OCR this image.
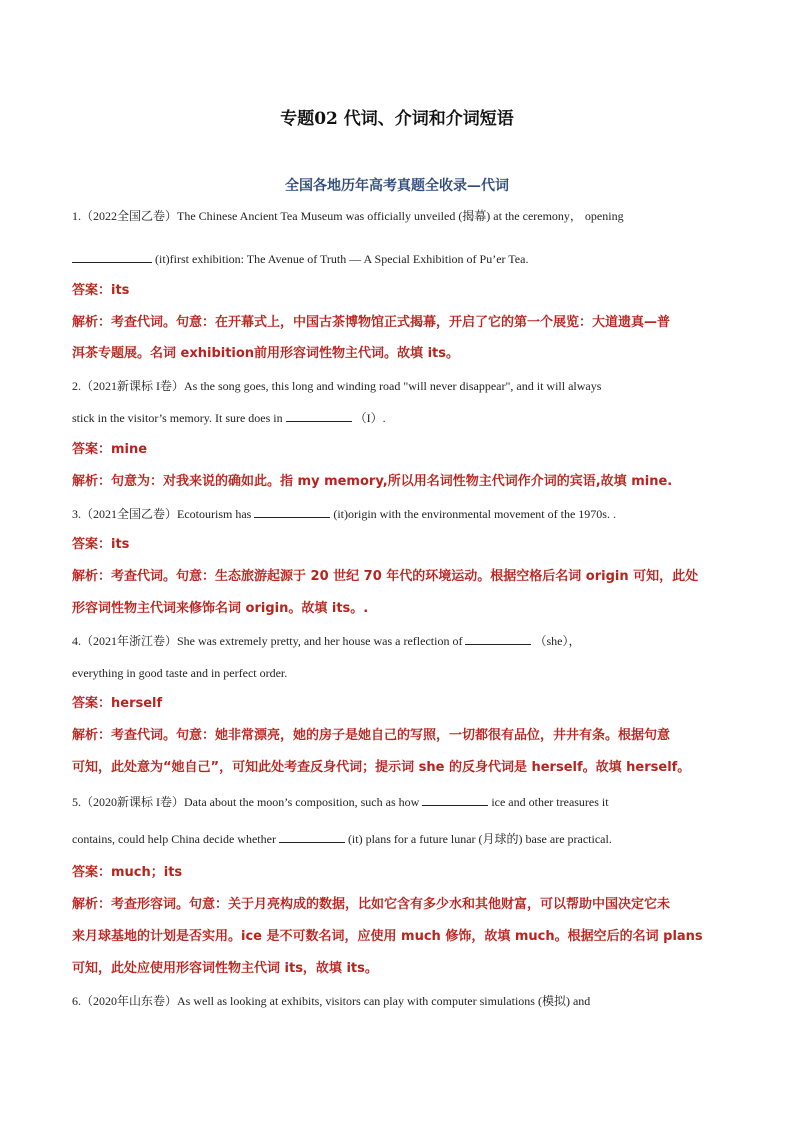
专题02 代词、介词和介词短语
全国各地历年高考真题全收录—代词
1.（2022全国乙卷）The Chinese Ancient Tea Museum was officially unveiled (揭幕) at the ceremony， opening
(it)first exhibition: The Avenue of Truth — A Special Exhibition of Pu’er Tea.
答案：its
解析：考查代词。句意：在开幕式上，中国古茶博物馆正式揭幕，开启了它的第一个展览：大道遗真—普
洱茶专题展。名词 exhibition前用形容词性物主代词。故填 its。
2.（2021新课标 I卷）As the song goes, this long and winding road "will never disappear", and it will always
stick in the visitor’s memory. It sure does in	（I）.
答案：mine
解析：句意为：对我来说的确如此。指 my memory,所以用名词性物主代词作介词的宾语,故填 mine.
3.（2021全国乙卷）Ecotourism has	(it)origin with the environmental movement of the 1970s. .
答案：its
解析：考查代词。句意：生态旅游起源于 20 世纪 70 年代的环境运动。根据空格后名词 origin 可知，此处
形容词性物主代词来修饰名词 origin。故填 its。.
4.（2021年浙江卷）She was extremely pretty, and her house was a reflection of	（she），
everything in good taste and in perfect order.
答案：herself
解析：考查代词。句意：她非常漂亮，她的房子是她自己的写照，一切都很有品位，井井有条。根据句意
可知，此处意为“她自己”，可知此处考查反身代词；提示词 she 的反身代词是 herself。故填 herself。
5.（2020新课标 I卷）Data about the moon’s composition, such as how	ice and other treasures it
contains, could help China decide whether	(it) plans for a future lunar (月球的) base are practical.
答案：much；its
解析：考查形容词。句意：关于月亮构成的数据，比如它含有多少水和其他财富，可以帮助中国决定它未
来月球基地的计划是否实用。ice 是不可数名词，应使用 much 修饰，故填 much。根据空后的名词 plans
可知，此处应使用形容词性物主代词 its，故填 its。
6.（2020年山东卷）As well as looking at exhibits, visitors can play with computer simulations (模拟) and
